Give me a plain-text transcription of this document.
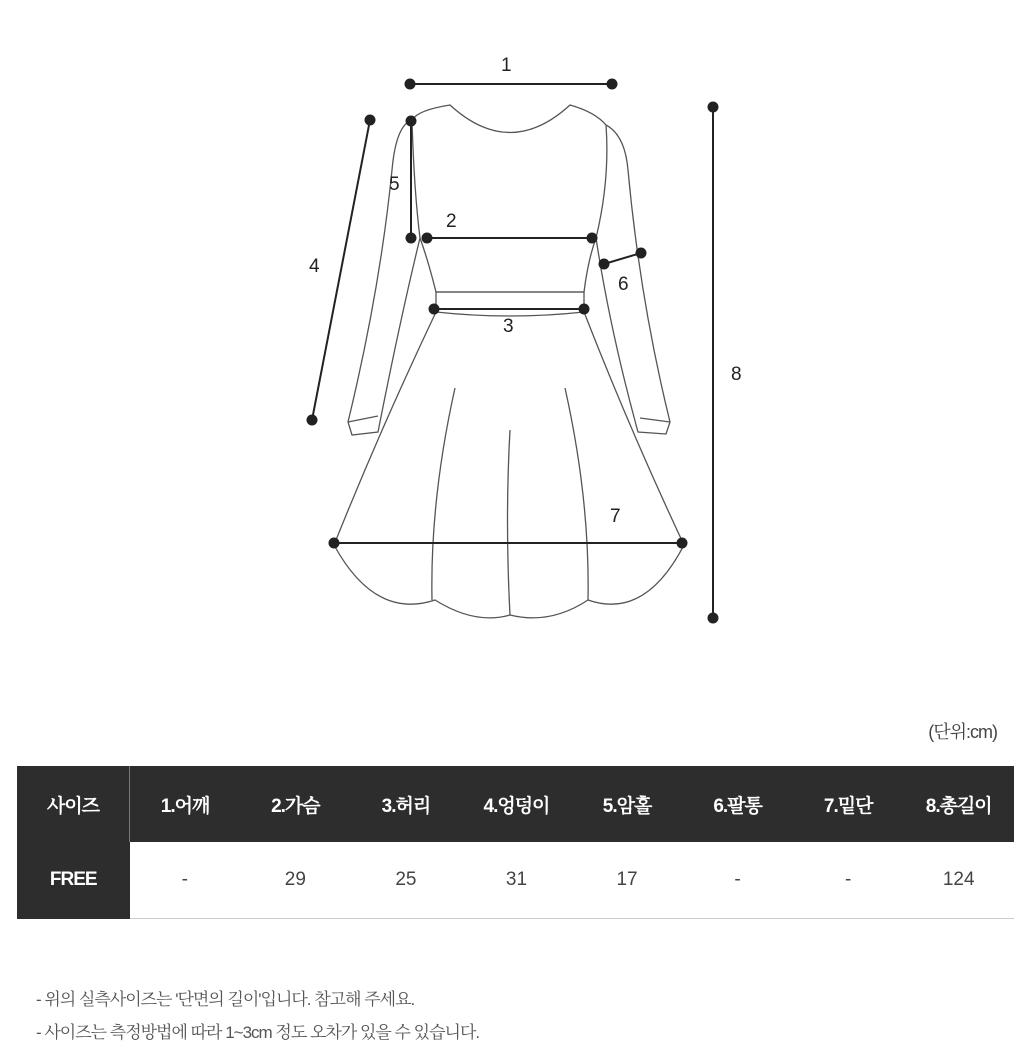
1
2
3
4
5
6
7
8
(단위:cm)
사이즈	1.어깨	2.가슴	3.허리	4.엉덩이	5.암홀	6.팔통	7.밑단	8.총길이
FREE	-	29	25	31	17	-	-	124

- 위의 실측사이즈는 '단면의 길이'입니다. 참고해 주세요.

- 사이즈는 측정방법에 따라 1~3cm 정도 오차가 있을 수 있습니다.
